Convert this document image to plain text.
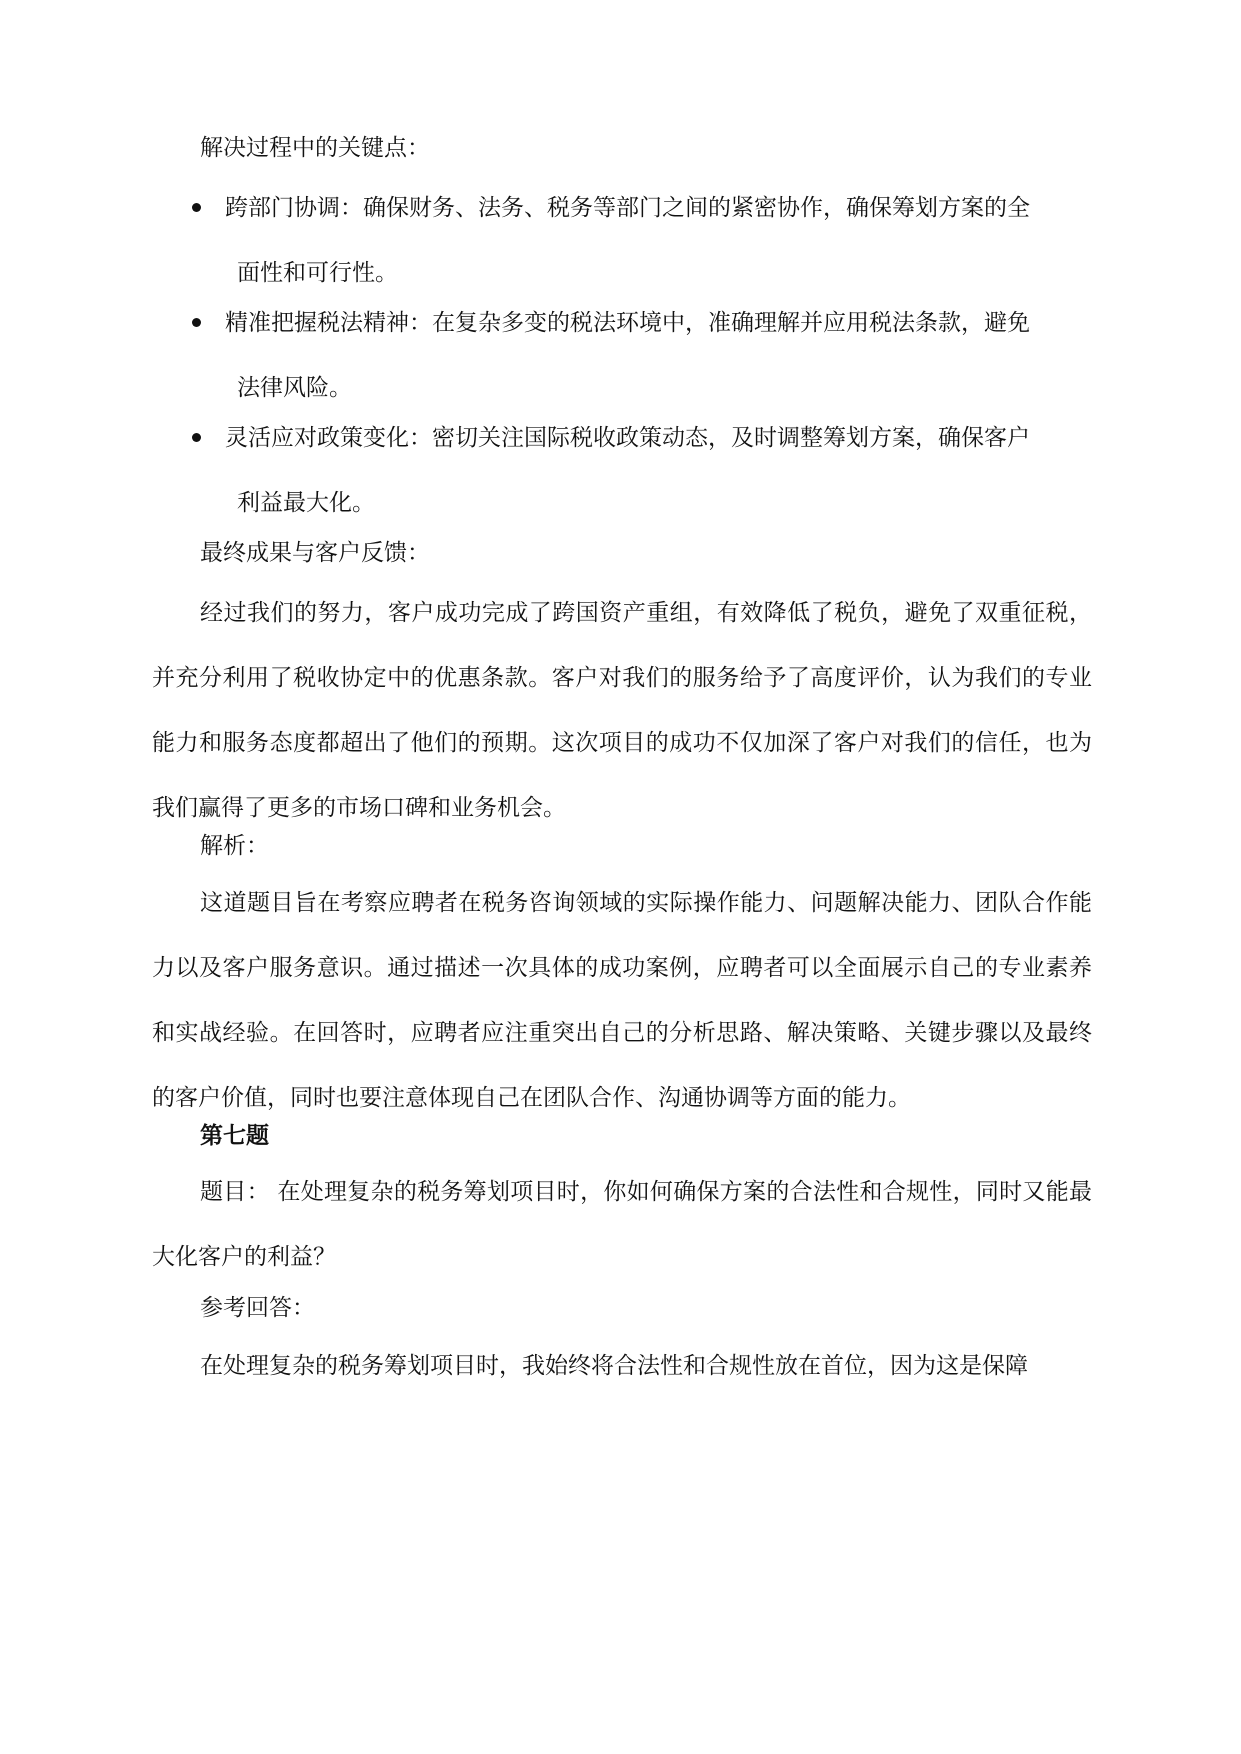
解决过程中的关键点：

跨部门协调：确保财务、法务、税务等部门之间的紧密协作，确保筹划方案的全
面性和可行性。

精准把握税法精神：在复杂多变的税法环境中，准确理解并应用税法条款，避免
法律风险。

灵活应对政策变化：密切关注国际税收政策动态，及时调整筹划方案，确保客户
利益最大化。

最终成果与客户反馈：

经过我们的努力，客户成功完成了跨国资产重组，有效降低了税负，避免了双重征税，并充分利用了税收协定中的优惠条款。客户对我们的服务给予了高度评价，认为我们的专业能力和服务态度都超出了他们的预期。这次项目的成功不仅加深了客户对我们的信任，也为我们赢得了更多的市场口碑和业务机会。

解析：

这道题目旨在考察应聘者在税务咨询领域的实际操作能力、问题解决能力、团队合作能力以及客户服务意识。通过描述一次具体的成功案例，应聘者可以全面展示自己的专业素养和实战经验。在回答时，应聘者应注重突出自己的分析思路、解决策略、关键步骤以及最终的客户价值，同时也要注意体现自己在团队合作、沟通协调等方面的能力。

第七题

题目： 在处理复杂的税务筹划项目时，你如何确保方案的合法性和合规性，同时又能最大化客户的利益？

参考回答：

在处理复杂的税务筹划项目时，我始终将合法性和合规性放在首位，因为这是保障
